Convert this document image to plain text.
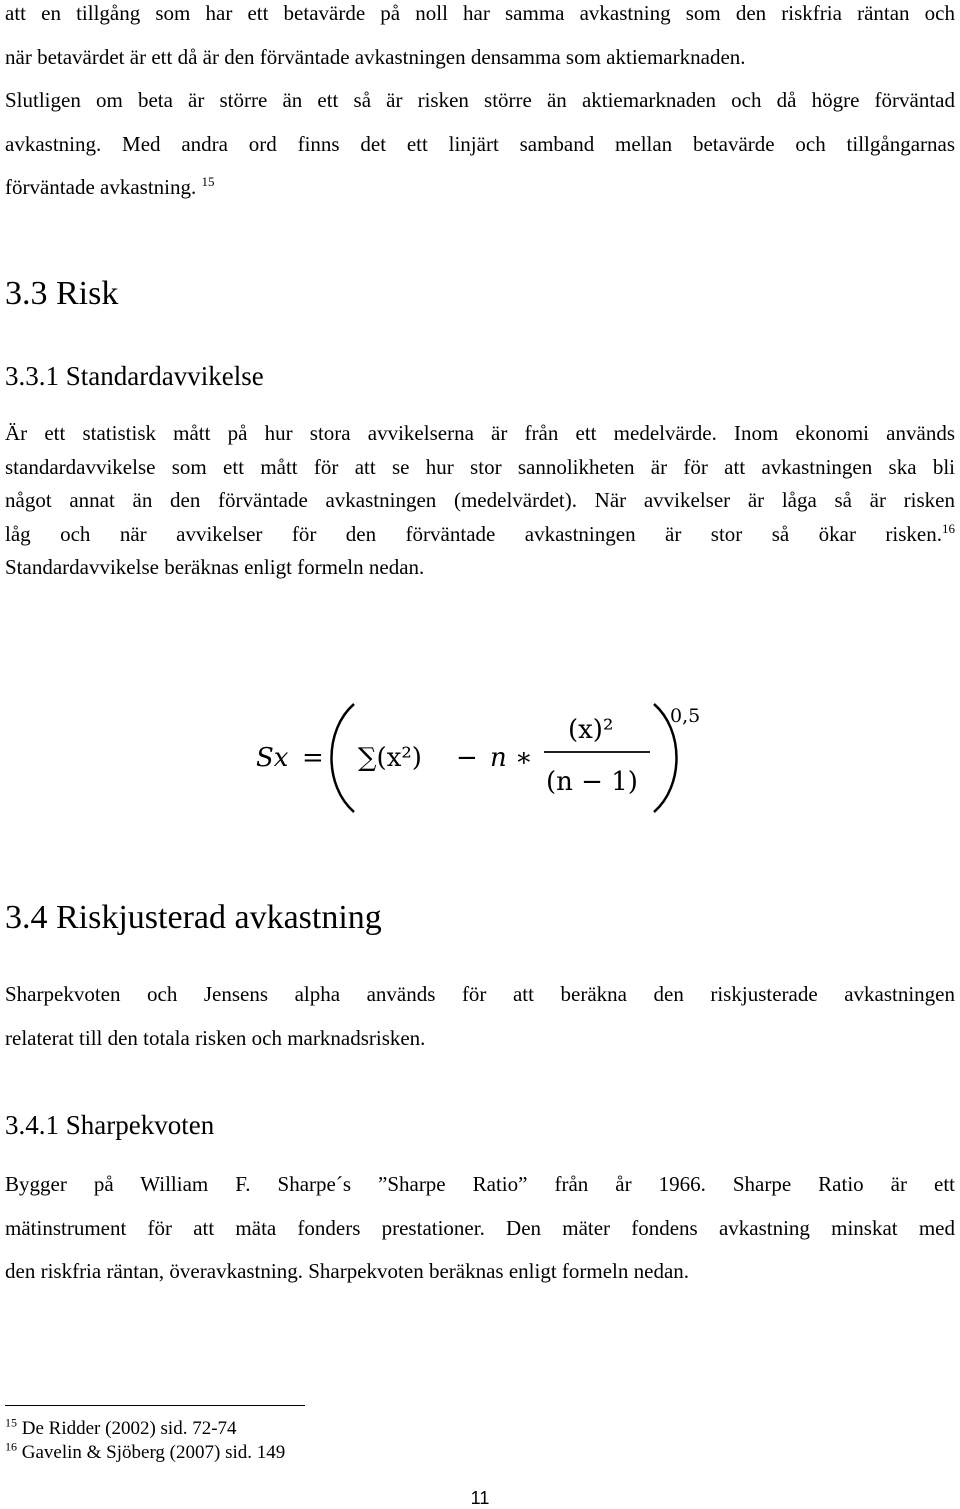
att en tillgång som har ett betavärde på noll har samma avkastning som den riskfria räntan och

när betavärdet är ett då är den förväntade avkastningen densamma som aktiemarknaden.

Slutligen om beta är större än ett så är risken större än aktiemarknaden och då högre förväntad

avkastning. Med andra ord finns det ett linjärt samband mellan betavärde och tillgångarnas

förväntade avkastning. $^{15}$

3.3 Risk
3.3.1 Standardavvikelse

Är ett statistisk mått på hur stora avvikelserna är från ett medelvärde. Inom ekonomi används

standardavvikelse som ett mått för att se hur stor sannolikheten är för att avkastningen ska bli

något annat än den förväntade avkastningen (medelvärdet). När avvikelser är låga så är risken

låg och när avvikelser för den förväntade avkastningen är stor så ökar risken.$^{16}$

Standardavvikelse beräknas enligt formeln nedan.

Sx = ∑(x²) − n ∗
(x)²
(n − 1)
0,5
3.4 Riskjusterad avkastning

Sharpekvoten och Jensens alpha används för att beräkna den riskjusterade avkastningen

relaterat till den totala risken och marknadsrisken.

3.4.1 Sharpekvoten

Bygger på William F. Sharpe´s ”Sharpe Ratio” från år 1966. Sharpe Ratio är ett

mätinstrument för att mäta fonders prestationer. Den mäter fondens avkastning minskat med

den riskfria räntan, överavkastning. Sharpekvoten beräknas enligt formeln nedan.

$^{15}$ De Ridder (2002) sid. 72-74

$^{16}$ Gavelin & Sjöberg (2007) sid. 149

11
